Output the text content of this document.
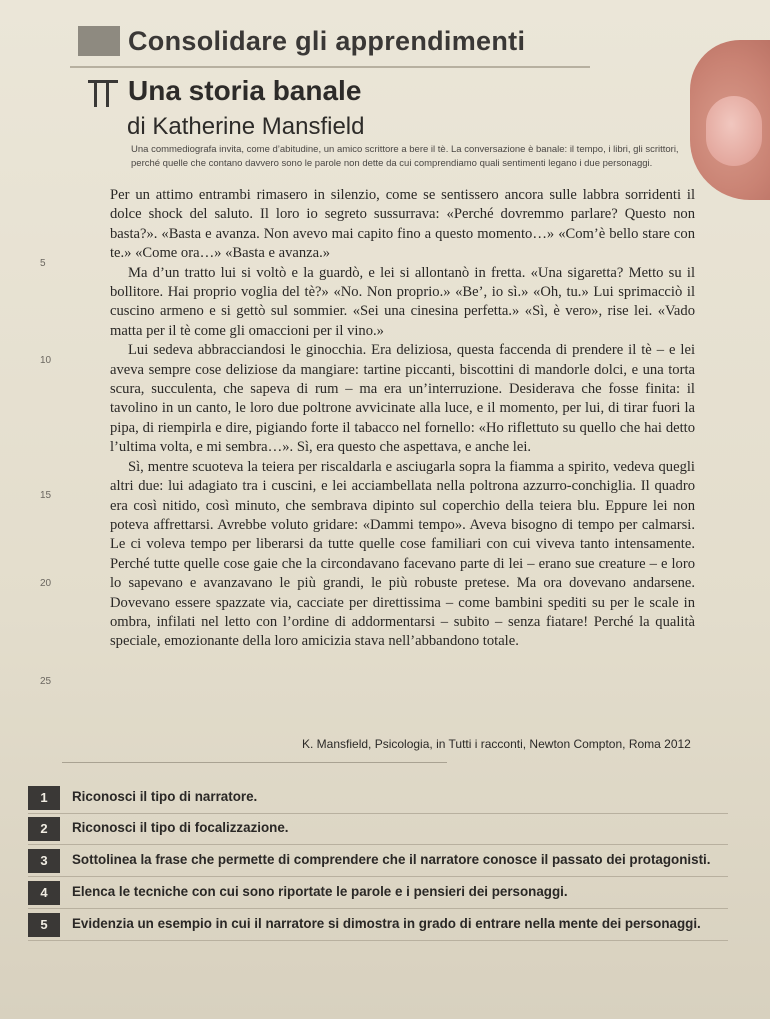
Consolidare gli apprendimenti
Una storia banale
di Katherine Mansfield
Una commediografa invita, come d’abitudine, un amico scrittore a bere il tè. La conversazione è banale: il tempo, i libri, gli scrittori, perché quelle che contano davvero sono le parole non dette da cui comprendiamo quali sentimenti legano i due personaggi.
5
10
15
20
25

Per un attimo entrambi rimasero in silenzio, come se sentissero ancora sulle labbra sorridenti il dolce shock del saluto. Il loro io segreto sussurrava: «Perché dovremmo parlare? Questo non basta?». «Basta e avanza. Non avevo mai capito fino a questo momento…» «Com’è bello stare con te.» «Come ora…» «Basta e avanza.»

Ma d’un tratto lui si voltò e la guardò, e lei si allontanò in fretta. «Una sigaretta? Metto su il bollitore. Hai proprio voglia del tè?» «No. Non proprio.» «Be’, io sì.» «Oh, tu.» Lui sprimacciò il cuscino armeno e si gettò sul sommier. «Sei una cinesina perfetta.» «Sì, è vero», rise lei. «Vado matta per il tè come gli omaccioni per il vino.»

Lui sedeva abbracciandosi le ginocchia. Era deliziosa, questa faccenda di prendere il tè – e lei aveva sempre cose deliziose da mangiare: tartine piccanti, biscottini di mandorle dolci, e una torta scura, succulenta, che sapeva di rum – ma era un’interruzione. Desiderava che fosse finita: il tavolino in un canto, le loro due poltrone avvicinate alla luce, e il momento, per lui, di tirar fuori la pipa, di riempirla e dire, pigiando forte il tabacco nel fornello: «Ho riflettuto su quello che hai detto l’ultima volta, e mi sembra…». Sì, era questo che aspettava, e anche lei.

Sì, mentre scuoteva la teiera per riscaldarla e asciugarla sopra la fiamma a spirito, vedeva quegli altri due: lui adagiato tra i cuscini, e lei acciambellata nella poltrona azzurro-conchiglia. Il quadro era così nitido, così minuto, che sembrava dipinto sul coperchio della teiera blu. Eppure lei non poteva affrettarsi. Avrebbe voluto gridare: «Dammi tempo». Aveva bisogno di tempo per calmarsi. Le ci voleva tempo per liberarsi da tutte quelle cose familiari con cui viveva tanto intensamente. Perché tutte quelle cose gaie che la circondavano facevano parte di lei – erano sue creature – e loro lo sapevano e avanzavano le più grandi, le più robuste pretese. Ma ora dovevano andarsene. Dovevano essere spazzate via, cacciate per direttissima – come bambini spediti su per le scale in ombra, infilati nel letto con l’ordine di addormentarsi – subito – senza fiatare! Perché la qualità speciale, emozionante della loro amicizia stava nell’abbandono totale.

K. Mansfield, Psicologia, in Tutti i racconti, Newton Compton, Roma 2012
1	Riconosci il tipo di narratore.
2	Riconosci il tipo di focalizzazione.
3	Sottolinea la frase che permette di comprendere che il narratore conosce il passato dei protagonisti.
4	Elenca le tecniche con cui sono riportate le parole e i pensieri dei personaggi.
5	Evidenzia un esempio in cui il narratore si dimostra in grado di entrare nella mente dei personaggi.
